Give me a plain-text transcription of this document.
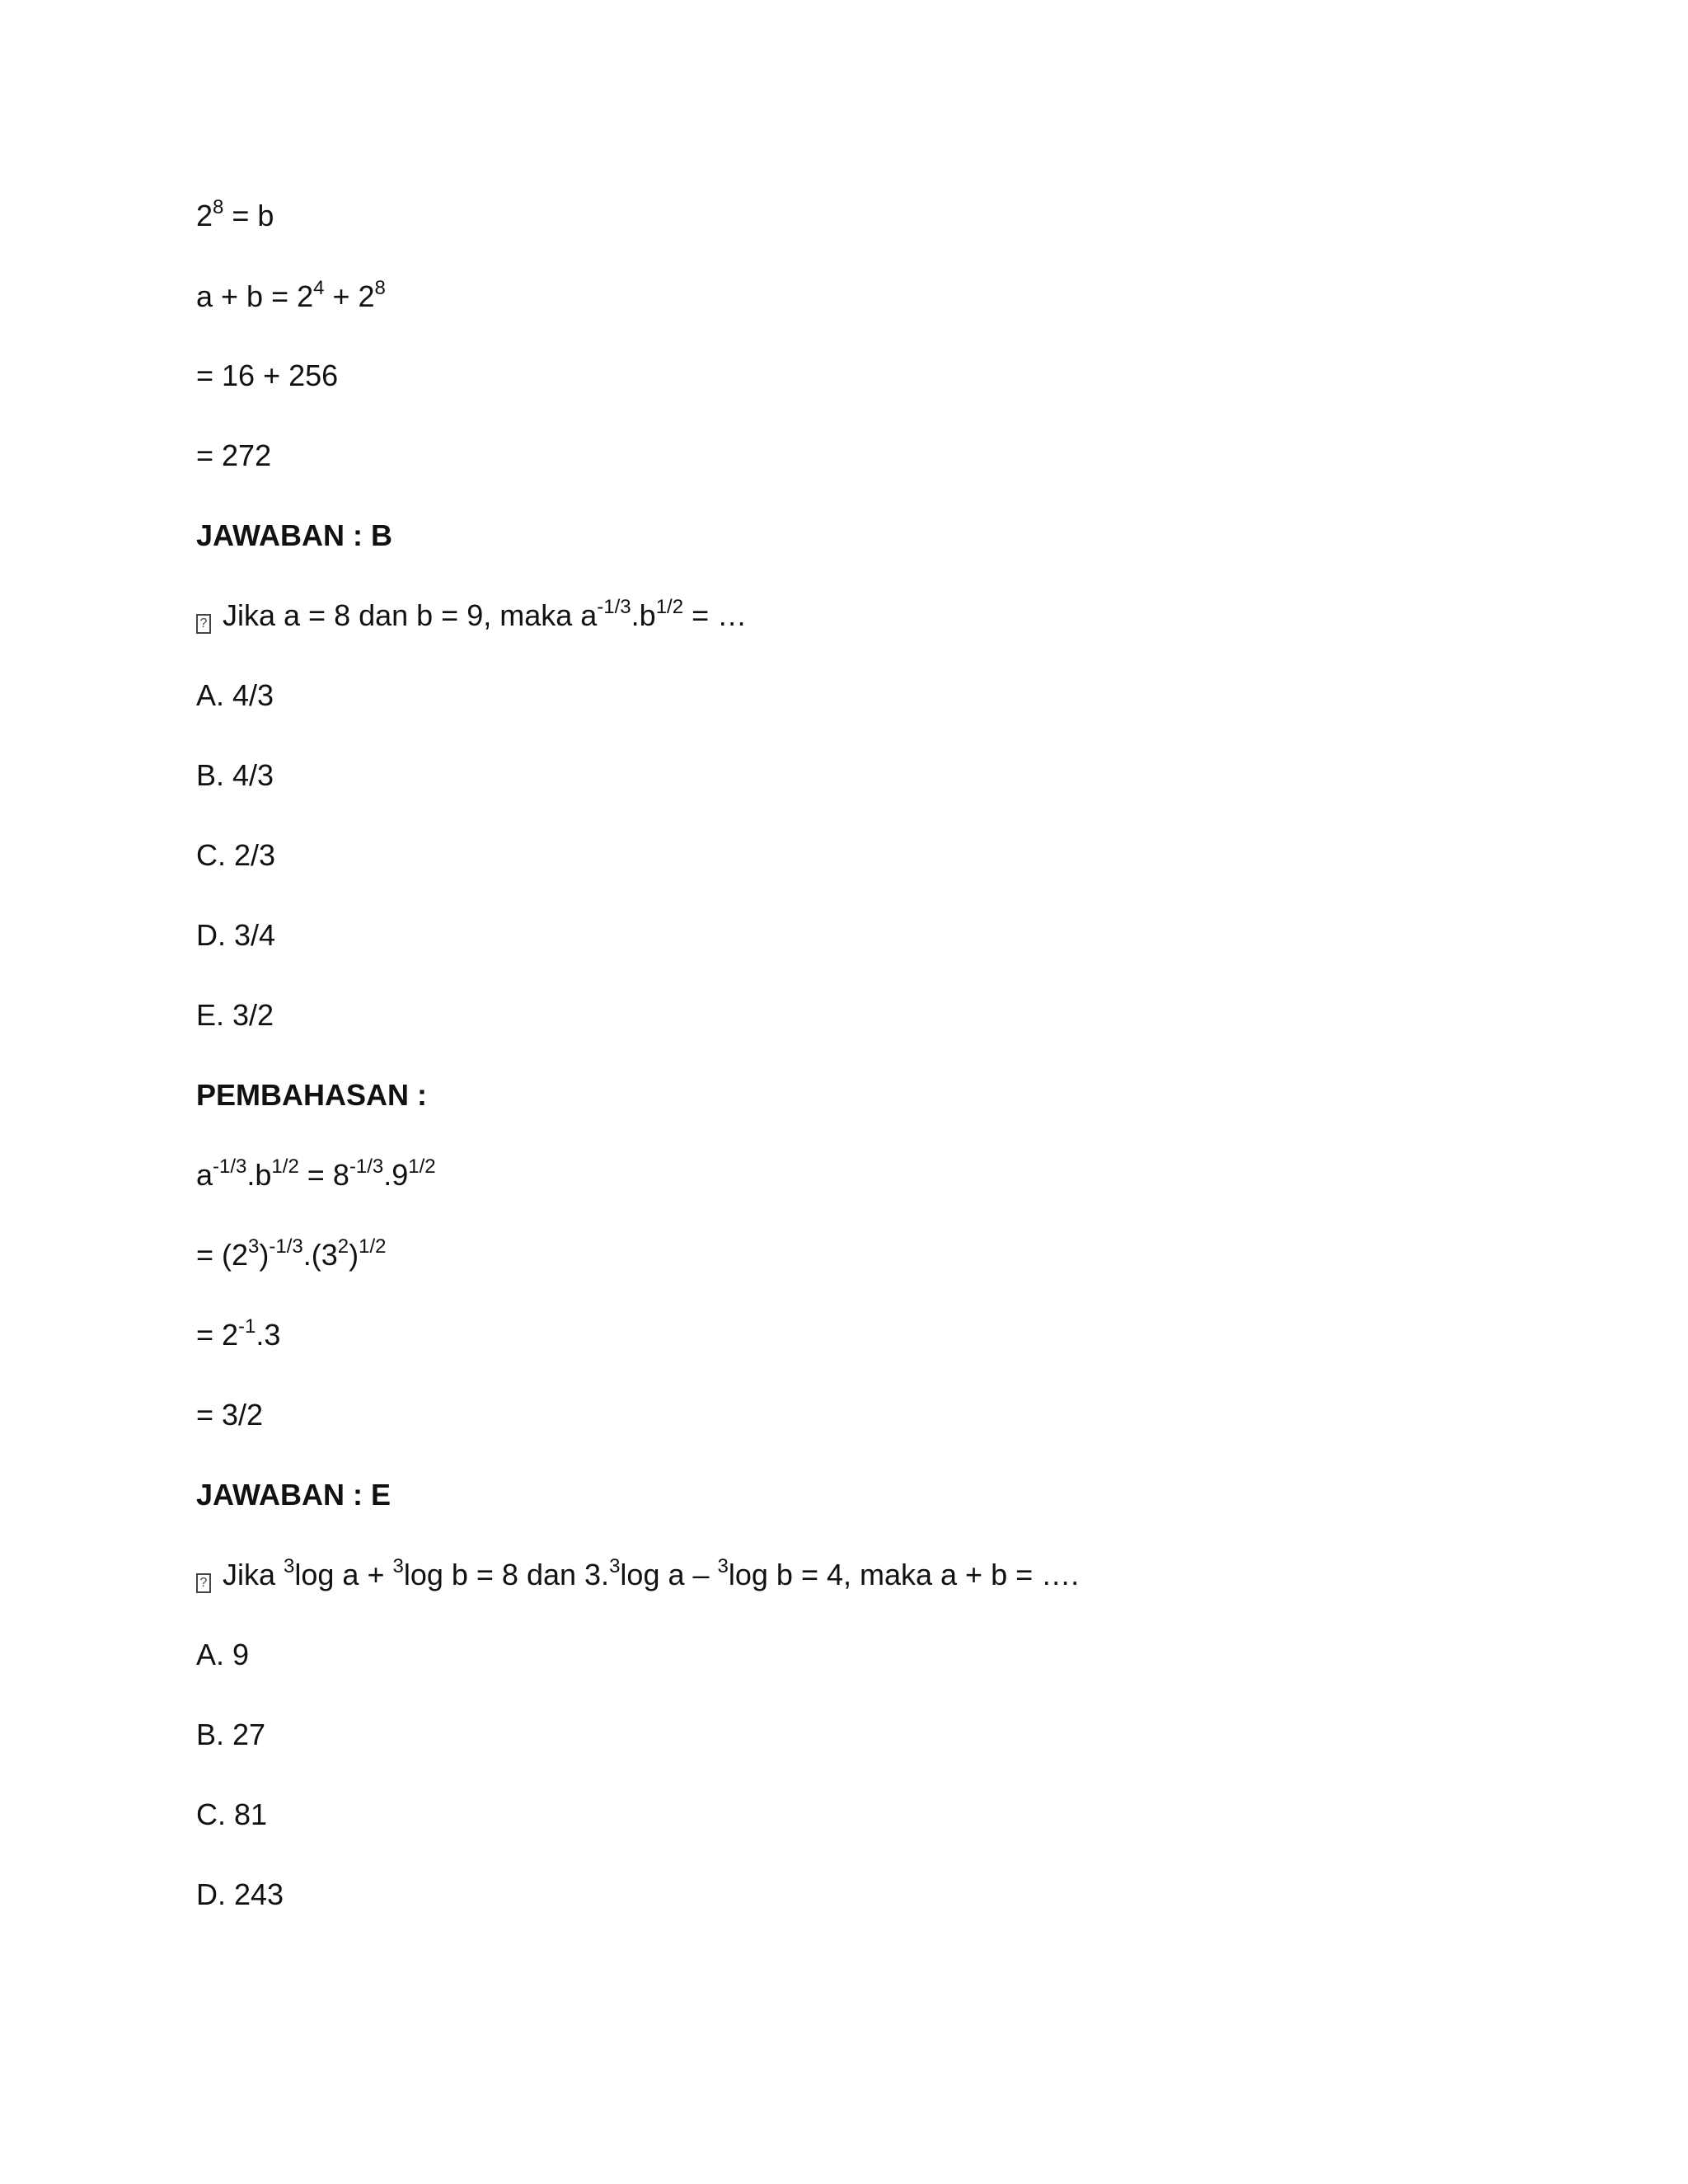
$2^8 = b$
$a + b = 2^4 + 2^8$
= 16 + 256
= 272
JAWABAN : B
? Jika a = 8 dan b = 9, maka $a^{-1/3}.b^{1/2}$ = …
A. 4/3
B. 4/3
C. 2/3
D. 3/4
E. 3/2
PEMBAHASAN :
$a^{-1/3}.b^{1/2} = 8^{-1/3}.9^{1/2}$
= $(2^3)^{-1/3}.(3^2)^{1/2}$
= $2^{-1}.3$
= 3/2
JAWABAN : E
? Jika $^3$log a + $^3$log b = 8 dan 3.$^3$log a – $^3$log b = 4, maka a + b = ….
A. 9
B. 27
C. 81
D. 243
